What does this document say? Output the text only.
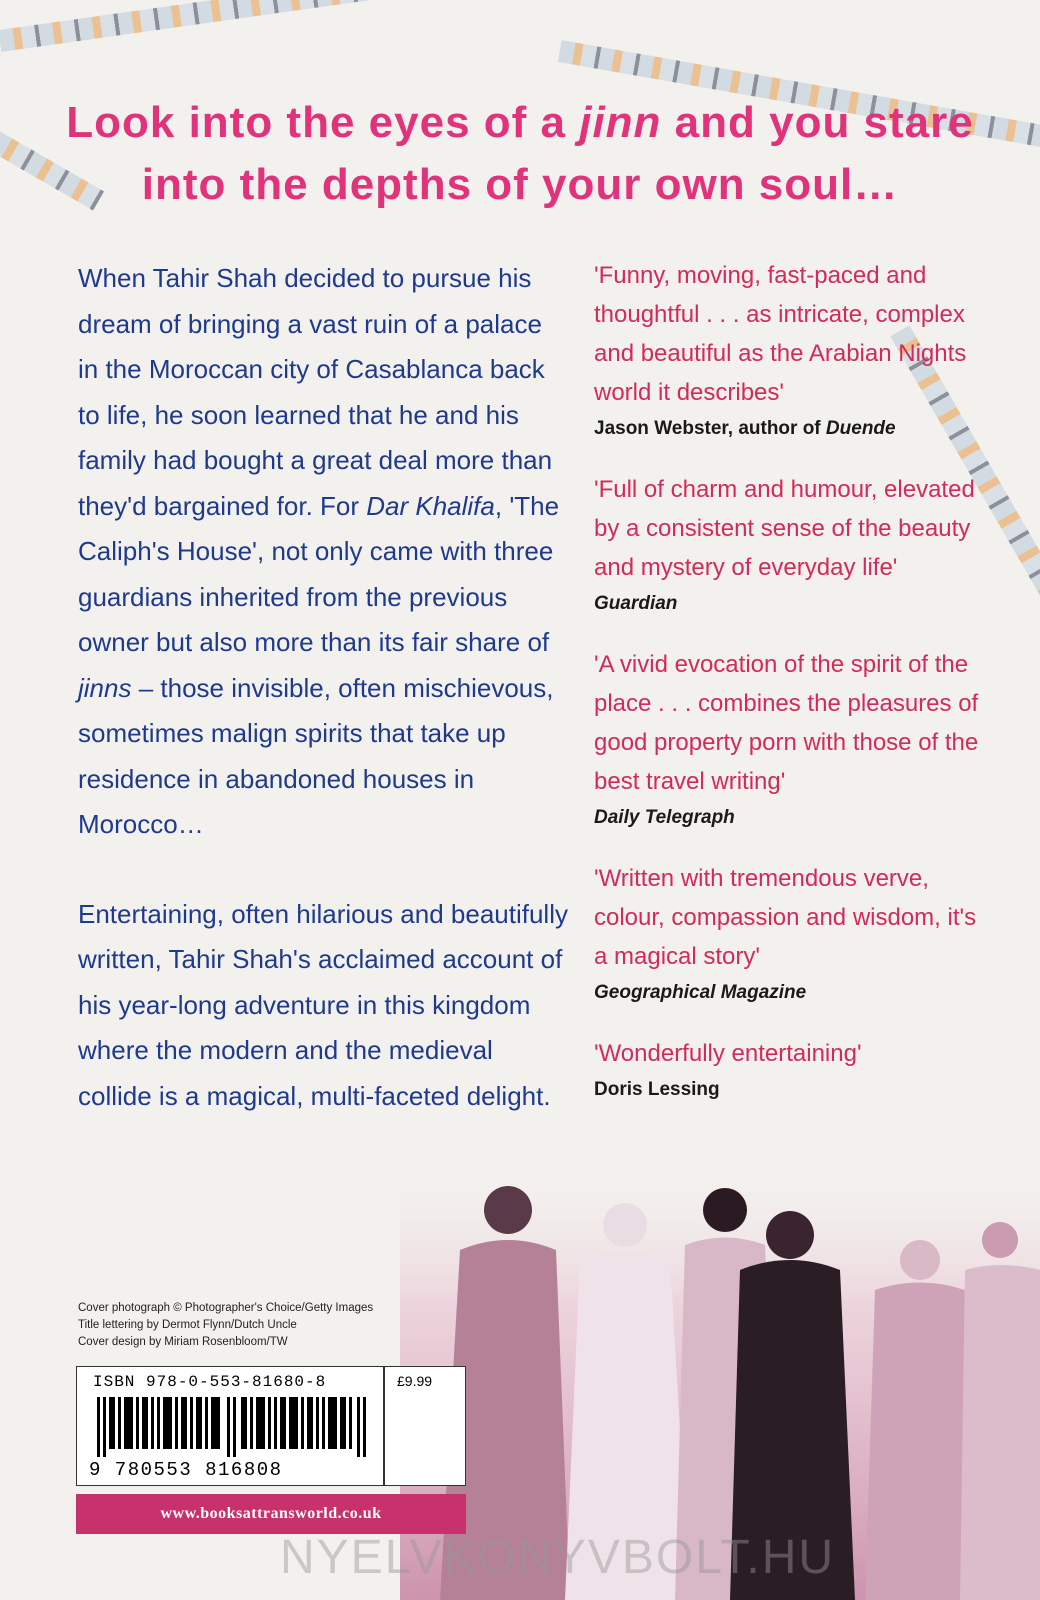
Look into the eyes of a jinn and you stare
into the depths of your own soul…

When Tahir Shah decided to pursue his dream of bringing a vast ruin of a palace in the Moroccan city of Casablanca back to life, he soon learned that he and his family had bought a great deal more than they'd bargained for. For Dar Khalifa, 'The Caliph's House', not only came with three guardians inherited from the previous owner but also more than its fair share of jinns – those invisible, often mischievous, sometimes malign spirits that take up residence in abandoned houses in Morocco…

Entertaining, often hilarious and beautifully written, Tahir Shah's acclaimed account of his year-long adventure in this kingdom where the modern and the medieval collide is a magical, multi-faceted delight.

'Funny, moving, fast-paced and thoughtful . . . as intricate, complex and beautiful as the Arabian Nights world it describes'
Jason Webster, author of Duende
'Full of charm and humour, elevated by a consistent sense of the beauty and mystery of everyday life'
Guardian
'A vivid evocation of the spirit of the place . . . combines the pleasures of good property porn with those of the best travel writing'
Daily Telegraph
'Written with tremendous verve, colour, compassion and wisdom, it's a magical story'
Geographical Magazine
'Wonderfully entertaining'
Doris Lessing
Cover photograph © Photographer's Choice/Getty Images
Title lettering by Dermot Flynn/Dutch Uncle
Cover design by Miriam Rosenbloom/TW
ISBN 978-0-553-81680-8	£9.99
9 780553 816808
www.booksattransworld.co.uk
NYELVKONYVBOLT.HU
